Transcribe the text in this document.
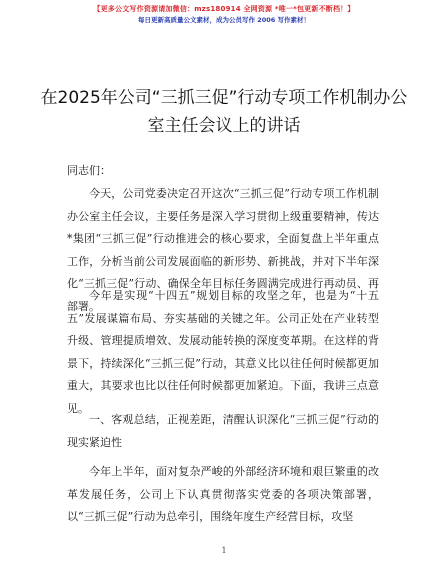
【更多公文写作资源请加微信：mzs180914 全网资源 *唯一*包更新不断档！】
每日更新高质量公文素材，成为公员写作 2006 写作素材！
在2025年公司“三抓三促”行动专项工作机制办公室主任会议上的讲话
同志们：

今天，公司党委决定召开这次“三抓三促”行动专项工作机制办公室主任会议，主要任务是深入学习贯彻上级重要精神，传达*集团“三抓三促”行动推进会的核心要求，全面复盘上半年重点工作，分析当前公司发展面临的新形势、新挑战，并对下半年深化“三抓三促”行动、确保全年目标任务圆满完成进行再动员、再部署。

今年是实现“十四五”规划目标的攻坚之年，也是为“十五五”发展谋篇布局、夯实基础的关键之年。公司正处在产业转型升级、管理提质增效、发展动能转换的深度变革期。在这样的背景下，持续深化“三抓三促”行动，其意义比以往任何时候都更加重大，其要求也比以往任何时候都更加紧迫。下面，我讲三点意见。

一、客观总结，正视差距，清醒认识深化“三抓三促”行动的现实紧迫性

今年上半年，面对复杂严峻的外部经济环境和艰巨繁重的改革发展任务，公司上下认真贯彻落实党委的各项决策部署，以“三抓三促”行动为总牵引，围绕年度生产经营目标，攻坚

1
